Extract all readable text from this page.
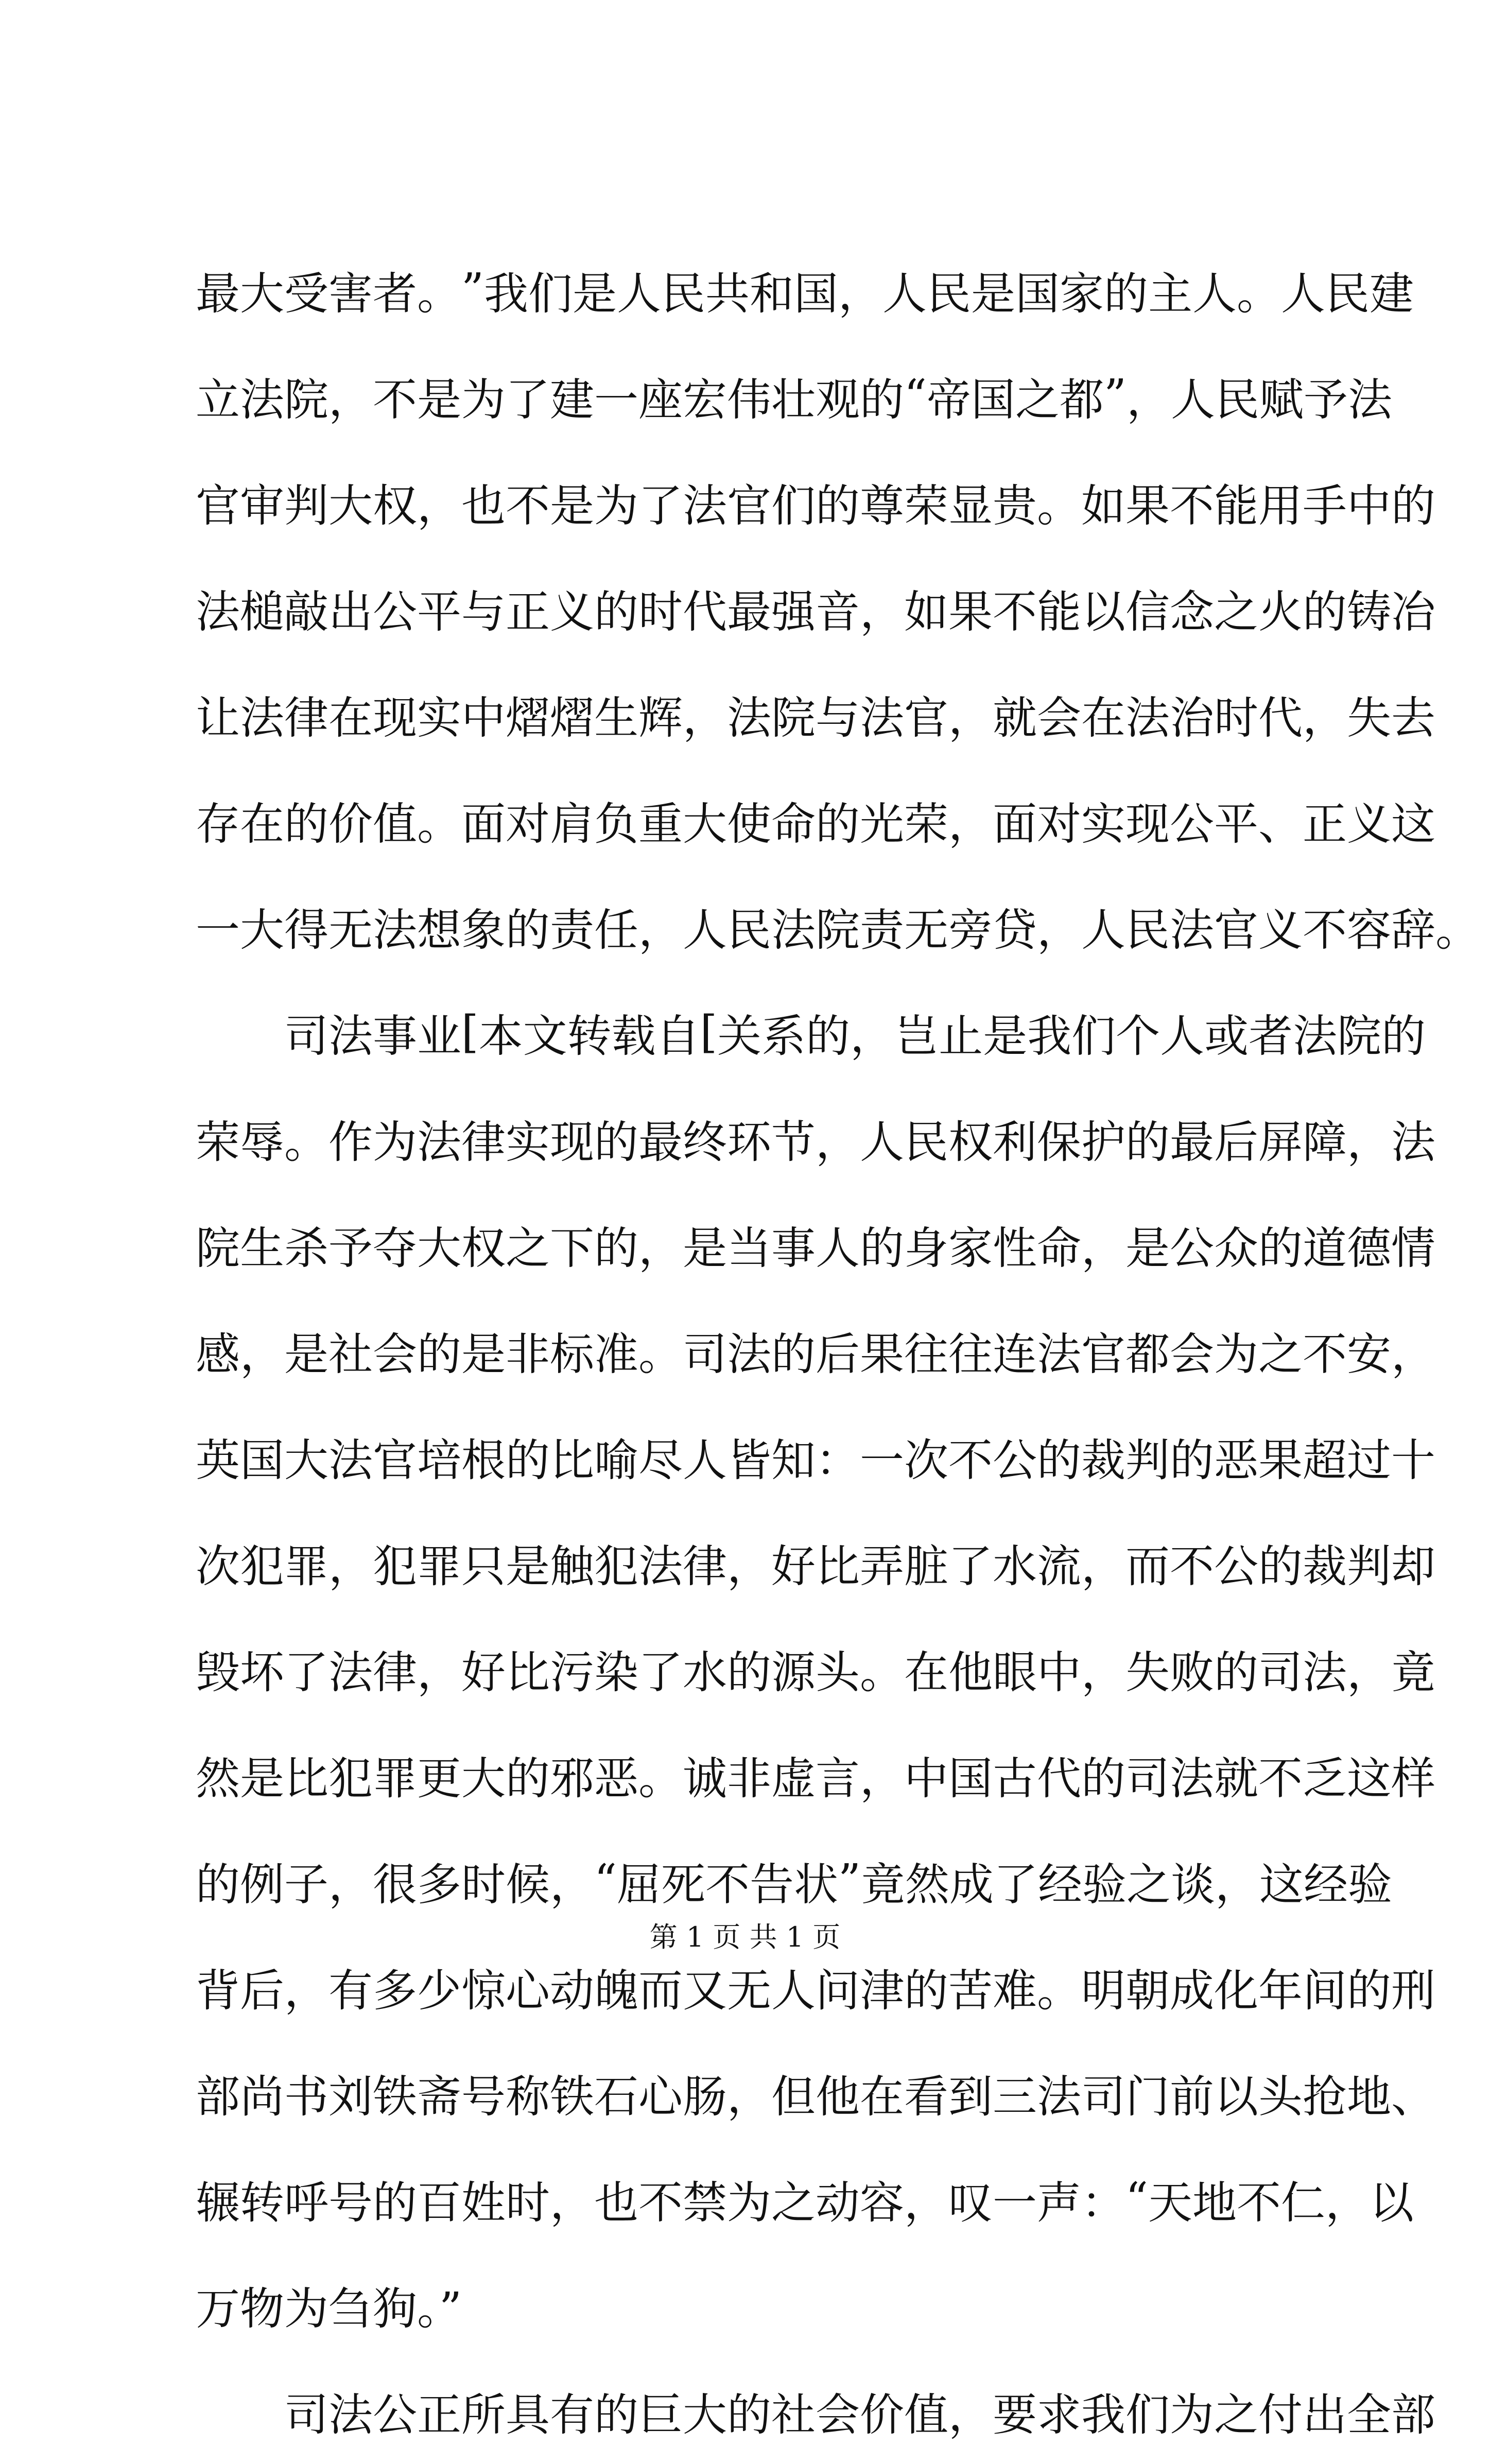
最 大 受 害 者 。 ” 我 们 是 人 民 共 和 国 ， 人 民 是 国 家 的 主 人 。 人 民 建
立 法 院 ， 不 是 为 了 建 一 座 宏 伟 壮 观 的 “ 帝 国 之 都 ” ， 人 民 赋 予 法
官 审 判 大 权 ， 也 不 是 为 了 法 官 们 的 尊 荣 显 贵 。 如 果 不 能 用 手 中 的
法 槌 敲 出 公 平 与 正 义 的 时 代 最 强 音 ， 如 果 不 能 以 信 念 之 火 的 铸 冶
让 法 律 在 现 实 中 熠 熠 生 辉 ， 法 院 与 法 官 ， 就 会 在 法 治 时 代 ， 失 去
存 在 的 价 值 。 面 对 肩 负 重 大 使 命 的 光 荣 ， 面 对 实 现 公 平 、 正 义 这
一 大 得 无 法 想 象 的 责 任 ， 人 民 法 院 责 无 旁 贷 ， 人 民 法 官 义 不 容 辞 。
司 法 事 业 [ 本 文 转 载 自 [ 关 系 的 ， 岂 止 是 我 们 个 人 或 者 法 院 的
荣 辱 。 作 为 法 律 实 现 的 最 终 环 节 ， 人 民 权 利 保 护 的 最 后 屏 障 ， 法
院 生 杀 予 夺 大 权 之 下 的 ， 是 当 事 人 的 身 家 性 命 ， 是 公 众 的 道 德 情
感 ， 是 社 会 的 是 非 标 准 。 司 法 的 后 果 往 往 连 法 官 都 会 为 之 不 安 ，
英 国 大 法 官 培 根 的 比 喻 尽 人 皆 知 ： 一 次 不 公 的 裁 判 的 恶 果 超 过 十
次 犯 罪 ， 犯 罪 只 是 触 犯 法 律 ， 好 比 弄 脏 了 水 流 ， 而 不 公 的 裁 判 却
毁 坏 了 法 律 ， 好 比 污 染 了 水 的 源 头 。 在 他 眼 中 ， 失 败 的 司 法 ， 竟
然 是 比 犯 罪 更 大 的 邪 恶 。 诚 非 虚 言 ， 中 国 古 代 的 司 法 就 不 乏 这 样
的 例 子 ， 很 多 时 候 ， “ 屈 死 不 告 状 ” 竟 然 成 了 经 验 之 谈 ， 这 经 验
背 后 ， 有 多 少 惊 心 动 魄 而 又 无 人 问 津 的 苦 难 。 明 朝 成 化 年 间 的 刑
部 尚 书 刘 铁 斋 号 称 铁 石 心 肠 ， 但 他 在 看 到 三 法 司 门 前 以 头 抢 地 、
辗 转 呼 号 的 百 姓 时 ， 也 不 禁 为 之 动 容 ， 叹 一 声 ： “ 天 地 不 仁 ， 以
万物为刍狗。”
司 法 公 正 所 具 有 的 巨 大 的 社 会 价 值 ， 要 求 我 们 为 之 付 出 全 部
第 1 页 共 1 页
